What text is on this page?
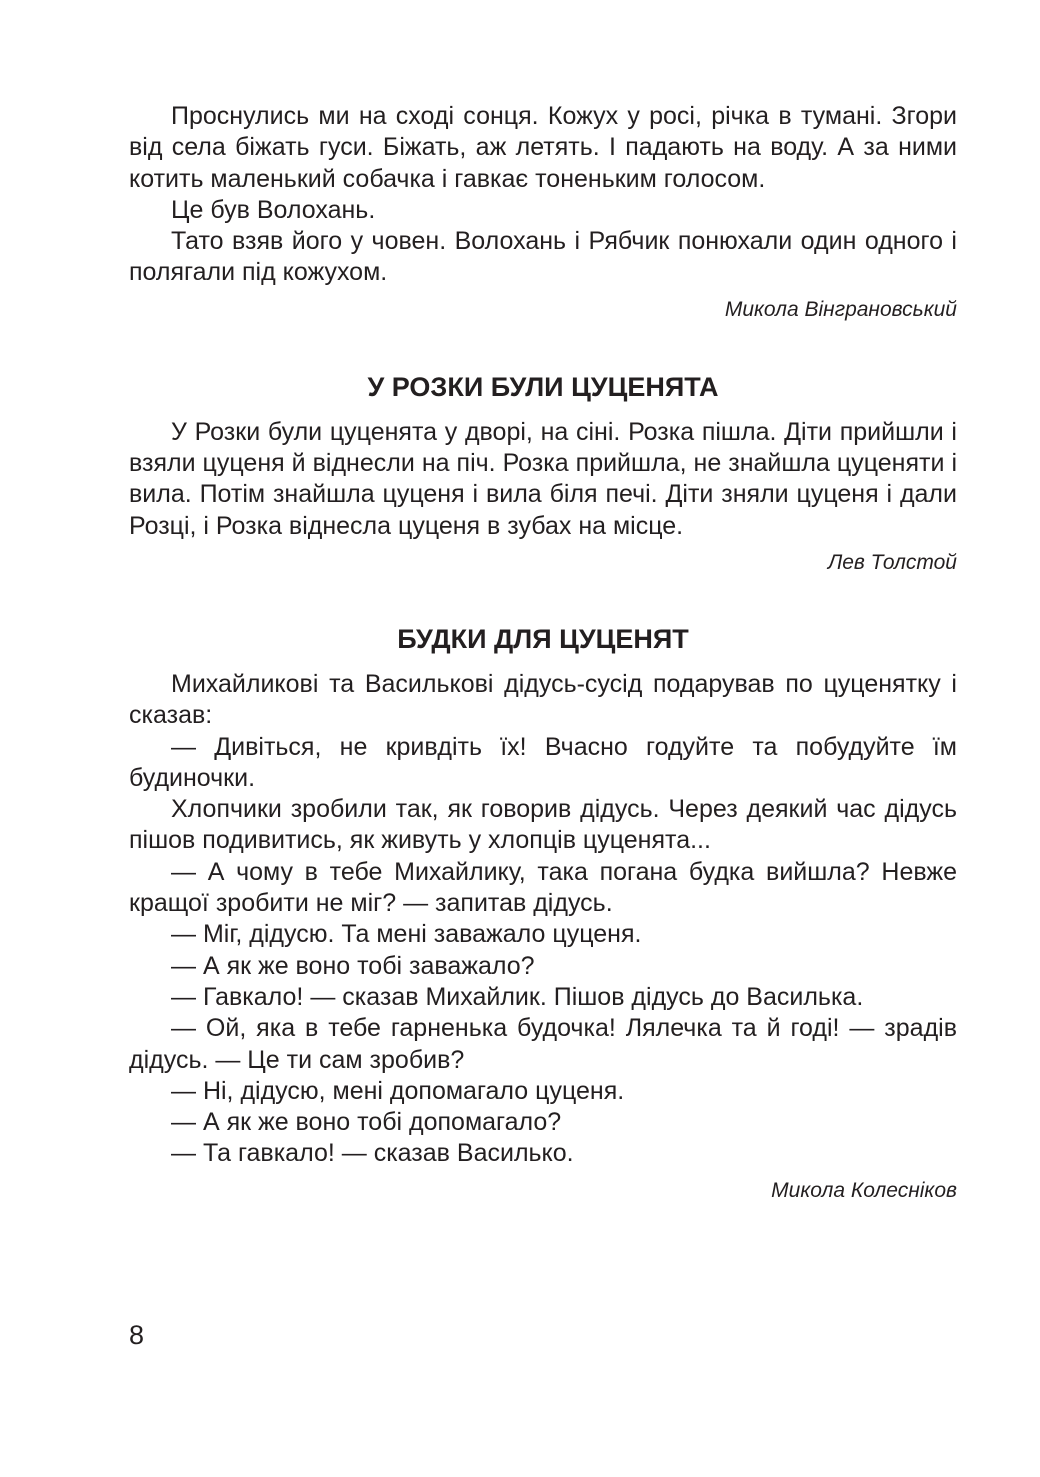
Проснулись ми на сході сонця. Кожух у росі, річка в тумані. Згори від села біжать гуси. Біжать, аж летять. І падають на воду. А за ними котить маленький собачка і гавкає тоненьким голосом.

Це був Волохань.

Тато взяв його у човен. Волохань і Рябчик понюхали один одного і полягали під кожухом.

Микола Вінграновський

У РОЗКИ БУЛИ ЦУЦЕНЯТА

У Розки були цуценята у дворі, на сіні. Розка пішла. Діти прийшли і взяли цуценя й віднесли на піч. Розка прийшла, не знайшла цуценяти і вила. Потім знайшла цуценя і вила біля печі. Діти зняли цуценя і дали Розці, і Розка віднесла цуценя в зубах на місце.

Лев Толстой

БУДКИ ДЛЯ ЦУЦЕНЯТ

Михайликові та Василькові дідусь-сусід подарував по цуценятку і сказав:

— Дивіться, не кривдіть їх! Вчасно годуйте та побудуйте їм будиночки.

Хлопчики зробили так, як говорив дідусь. Через деякий час дідусь пішов подивитись, як живуть у хлопців цуценята...

— А чому в тебе Михайлику, така погана будка вийшла? Невже кращої зробити не міг? — запитав дідусь.

— Міг, дідусю. Та мені заважало цуценя.

— А як же воно тобі заважало?

— Гавкало! — сказав Михайлик. Пішов дідусь до Василька.

— Ой, яка в тебе гарненька будочка! Лялечка та й годі! — зрадів дідусь. — Це ти сам зробив?

— Ні, дідусю, мені допомагало цуценя.

— А як же воно тобі допомагало?

— Та гавкало! — сказав Василько.

Микола Колесніков

8
